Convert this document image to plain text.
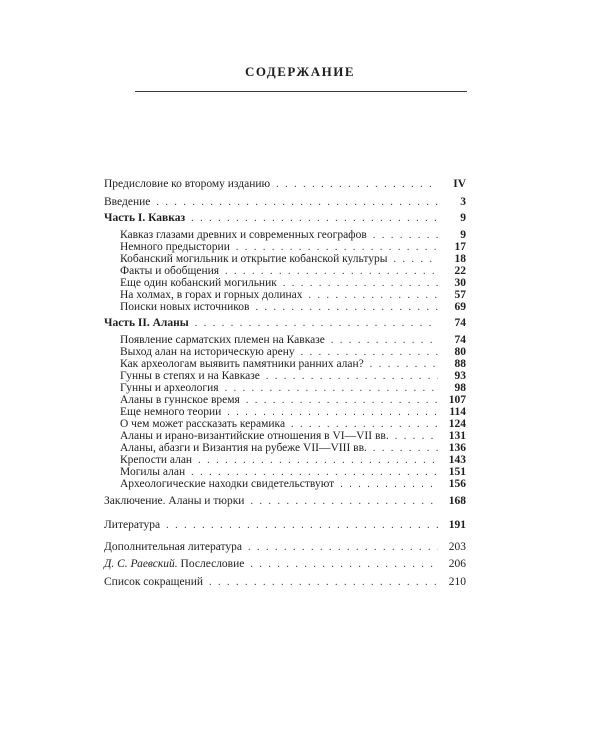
СОДЕРЖАНИЕ
Предисловие ко второму изданию . . .	IV
Введение . . .	3
Часть I. Кавказ . . .	9
Кавказ глазами древних и современных географов . . .	9
Немного предыстории . . .	17
Кобанский могильник и открытие кобанской культуры . . .	18
Факты и обобщения . . .	22
Еще один кобанский могильник . . .	30
На холмах, в горах и горных долинах . . .	57
Поиски новых источников . . .	69
Часть II. Аланы . . .	74
Появление сарматских племен на Кавказе . . .	74
Выход алан на историческую арену . . .	80
Как археологам выявить памятники ранних алан? . . .	88
Гунны в степях и на Кавказе . . .	93
Гунны и археология . . .	98
Аланы в гуннское время . . .	107
Еще немного теории . . .	114
О чем может рассказать керамика . . .	124
Аланы и ирано-византийские отношения в VI—VII вв. . . .	131
Аланы, абазги и Византия на рубеже VII—VIII вв. . . .	136
Крепости алан . . .	143
Могилы алан . . .	151
Археологические находки свидетельствуют . . .	156
Заключение. Аланы и тюрки . . .	168
Литература . . .	191
Дополнительная литература . . .	203
Д. С. Раевский. Послесловие . . .	206
Список сокращений . . .	210
